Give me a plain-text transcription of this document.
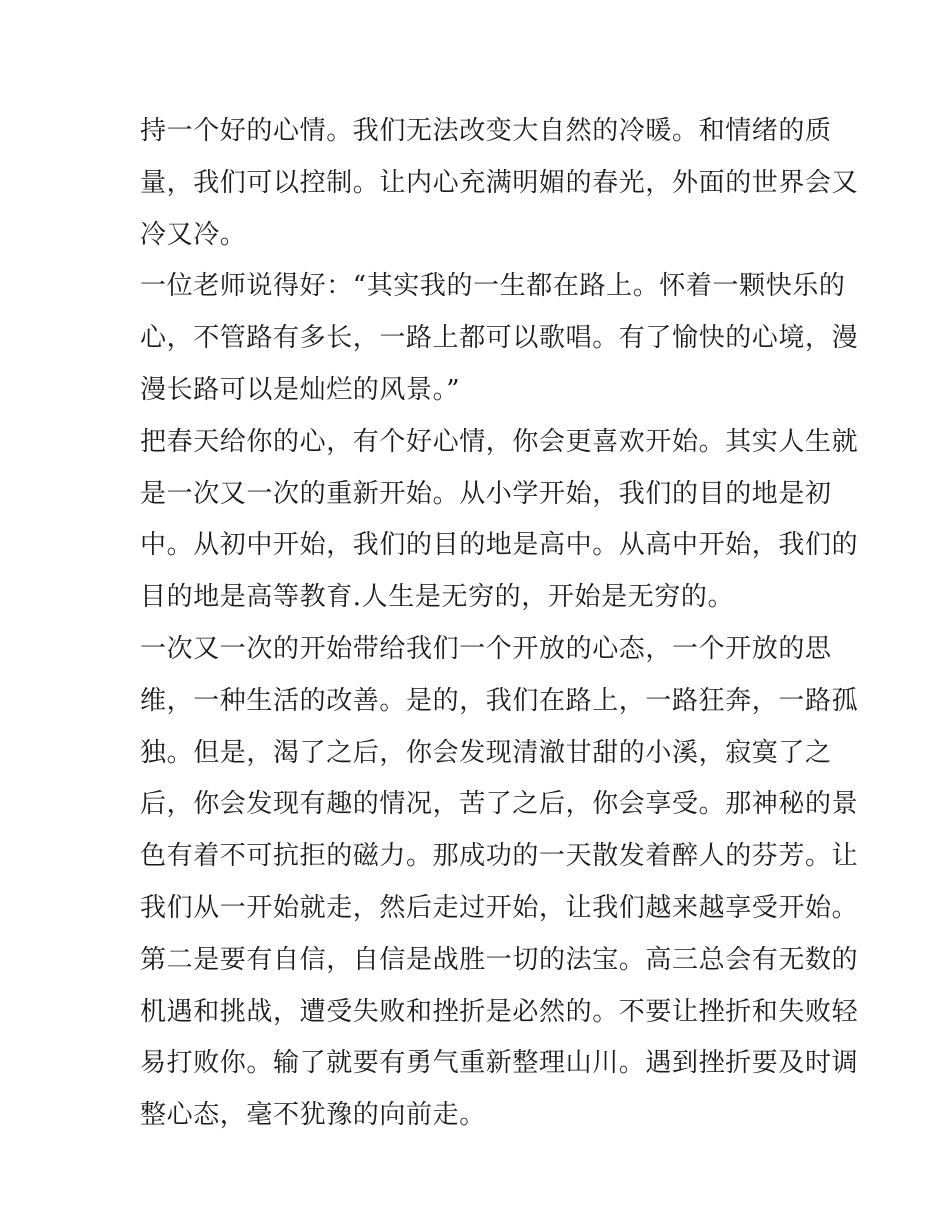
持一个好的心情。我们无法改变大自然的冷暖。和情绪的质
量，我们可以控制。让内心充满明媚的春光，外面的世界会又
冷又冷。
一位老师说得好：“其实我的一生都在路上。怀着一颗快乐的
心，不管路有多长，一路上都可以歌唱。有了愉快的心境，漫
漫长路可以是灿烂的风景。”
把春天给你的心，有个好心情，你会更喜欢开始。其实人生就
是一次又一次的重新开始。从小学开始，我们的目的地是初
中。从初中开始，我们的目的地是高中。从高中开始，我们的
目的地是高等教育.人生是无穷的，开始是无穷的。
一次又一次的开始带给我们一个开放的心态，一个开放的思
维，一种生活的改善。是的，我们在路上，一路狂奔，一路孤
独。但是，渴了之后，你会发现清澈甘甜的小溪，寂寞了之
后，你会发现有趣的情况，苦了之后，你会享受。那神秘的景
色有着不可抗拒的磁力。那成功的一天散发着醉人的芬芳。让
我们从一开始就走，然后走过开始，让我们越来越享受开始。
第二是要有自信，自信是战胜一切的法宝。高三总会有无数的
机遇和挑战，遭受失败和挫折是必然的。不要让挫折和失败轻
易打败你。输了就要有勇气重新整理山川。遇到挫折要及时调
整心态，毫不犹豫的向前走。
